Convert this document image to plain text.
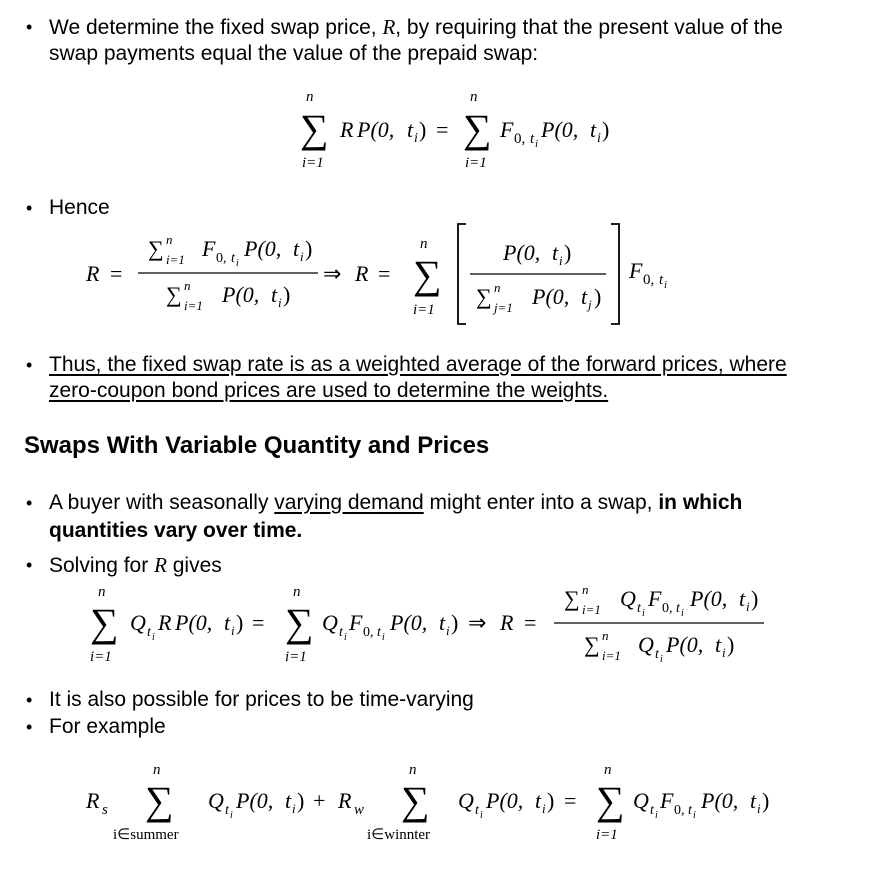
• We determine the fixed swap price, R, by requiring that the present value of the
swap payments equal the value of the prepaid swap:
n
∑
i=1
R P(0, t i ) =
n
∑
i=1
F 0, t i
P(0, t i )
• Hence
R =
∑ n
i=1 F 0, t i
P(0, t i )
∑ n
i=1 P(0, t i )
⇒ R =
n
∑
i=1
P(0, t i )
∑ n
j=1 P(0, t j )
F 0, t i
• Thus, the fixed swap rate is as a weighted average of the forward prices, where
zero-coupon bond prices are used to determine the weights.
Swaps With Variable Quantity and Prices
• A buyer with seasonally varying demand might enter into a swap, in which
quantities vary over time.
• Solving for R gives
n
∑
i=1
Q t i
R P(0, t i ) =
n
∑
i=1
Q t i
F 0, t i
P(0, t i ) ⇒ R =
∑ n
i=1 Q t i
F 0, t i
P(0, t i )
∑ n
i=1 Q t i
P(0, t i )
• It is also possible for prices to be time-varying
• For example
R s
n
∑
i∈summer
Q t i
P(0, t i ) + R w
n
∑
i∈winnter
Q t i
P(0, t i ) =
n
∑
i=1
Q t i
F 0, t i
P(0, t i )
